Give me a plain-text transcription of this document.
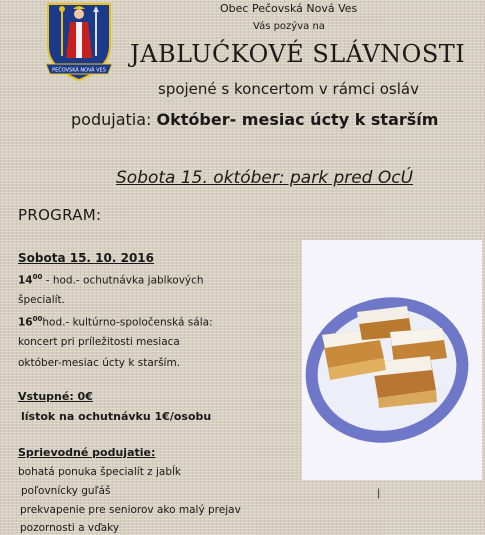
PEČOVSKÁ NOVÁ VES
Obec Pečovská Nová Ves
Vás pozýva na
JABLUĆKOVÉ SLÁVNOSTI
spojené s koncertom v rámci osláv
podujatia: Október- mesiac úcty k starším
Sobota 15. október: park pred OcÚ
PROGRAM:
Sobota 15. 10. 2016
$14^{00} - hod.-$ ochutnávka jablkových
špecialít.
$16^{00}hod.-$ kultúrno-spoločenská sála:
koncert pri príležitosti mesiaca
október-mesiac úcty k starším.
Vstupné: 0€
lístok na ochutnávku 1€/osobu
Sprievodné podujatie:
bohatá ponuka špecialít z jabĺk
poľovnícky guľáš
prekvapenie pre seniorov ako malý prejav
pozornosti a vďaky
|
